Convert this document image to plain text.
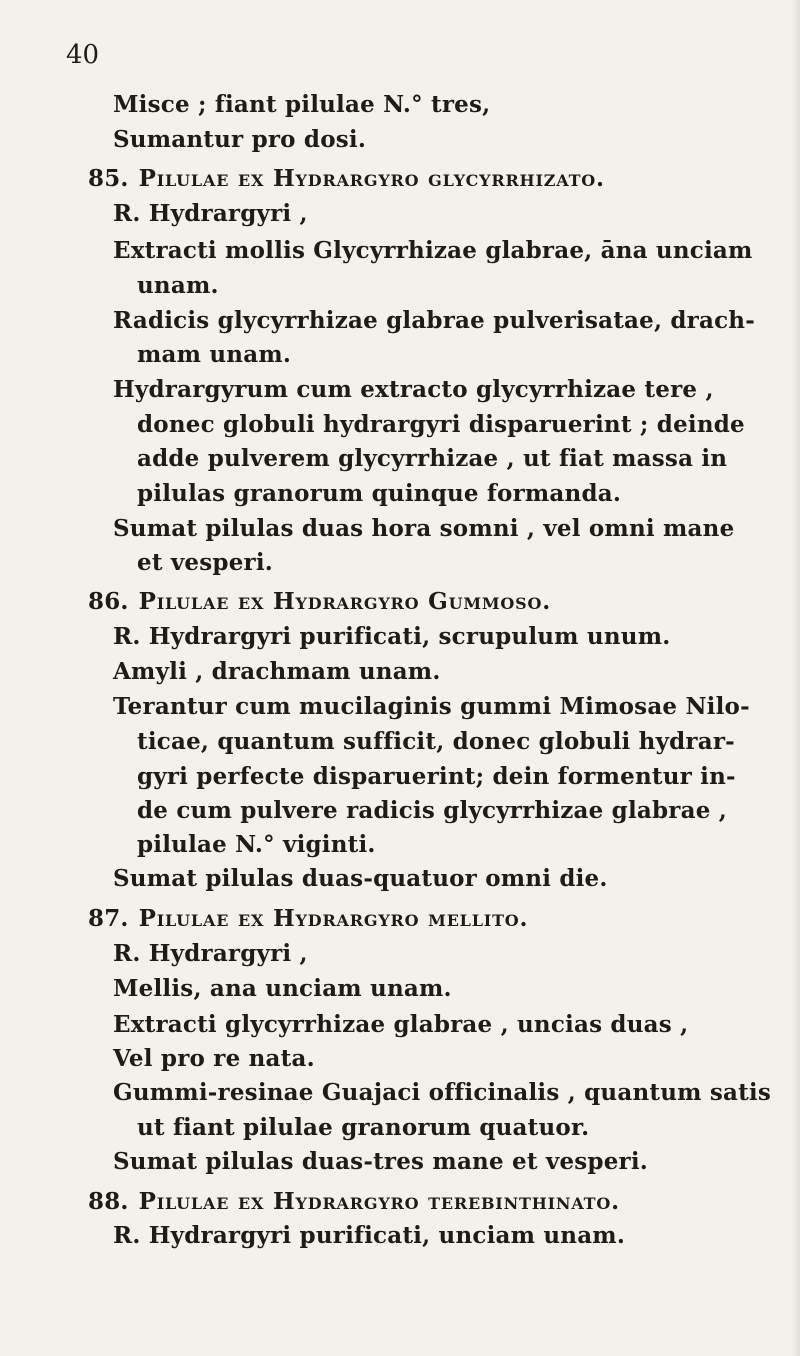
40
Misce ; fiant pilulae N.° tres,
Sumantur pro dosi.
85. Pilulae ex Hydrargyro glycyrrhizato.
R. Hydrargyri ,
Extracti mollis Glycyrrhizae glabrae, āna unciam
unam.
Radicis glycyrrhizae glabrae pulverisatae, drach-
mam unam.
Hydrargyrum cum extracto glycyrrhizae tere ,
donec globuli hydrargyri disparuerint ; deinde
adde pulverem glycyrrhizae , ut fiat massa in
pilulas granorum quinque formanda.
Sumat pilulas duas hora somni , vel omni mane
et vesperi.
86. Pilulae ex Hydrargyro Gummoso.
R. Hydrargyri purificati, scrupulum unum.
Amyli , drachmam unam.
Terantur cum mucilaginis gummi Mimosae Nilo-
ticae, quantum sufficit, donec globuli hydrar-
gyri perfecte disparuerint; dein formentur in-
de cum pulvere radicis glycyrrhizae glabrae ,
pilulae N.° viginti.
Sumat pilulas duas-quatuor omni die.
87. Pilulae ex Hydrargyro mellito.
R. Hydrargyri ,
Mellis, ana unciam unam.
Extracti glycyrrhizae glabrae , uncias duas ,
Vel pro re nata.
Gummi-resinae Guajaci officinalis , quantum satis
ut fiant pilulae granorum quatuor.
Sumat pilulas duas-tres mane et vesperi.
88. Pilulae ex Hydrargyro terebinthinato.
R. Hydrargyri purificati, unciam unam.
